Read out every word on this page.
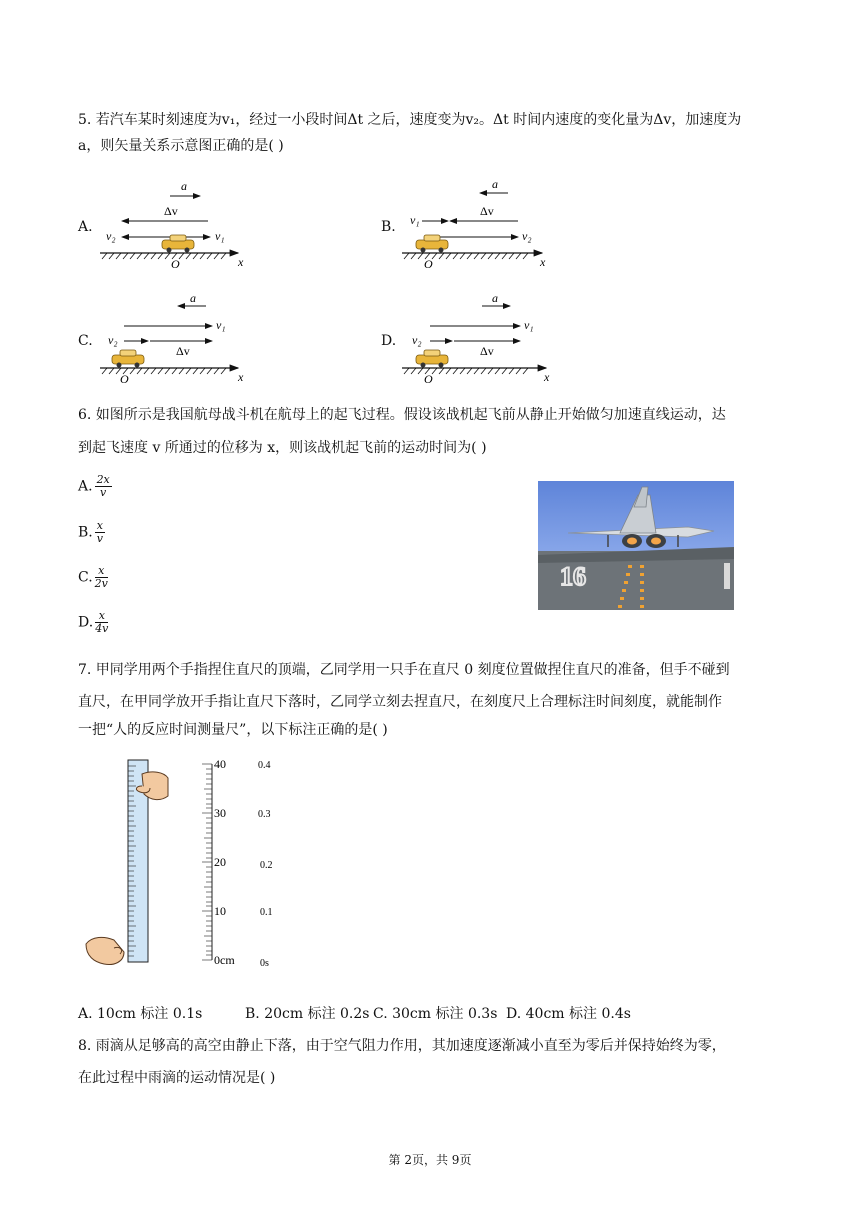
5. 若汽车某时刻速度为v₁，经过一小段时间Δt 之后，速度变为v₂。Δt 时间内速度的变化量为Δv，加速度为
a，则矢量关系示意图正确的是( )
A.
a
Δv
v₂	v₁
O	x
B.
a
Δv
v₁
v₂
O	x
C.
a
v₁
v₂
Δv
O	x
D.
a
v₁
v₂
Δv
O	x
6. 如图所示是我国航母战斗机在航母上的起飞过程。假设该战机起飞前从静止开始做匀加速直线运动，达
到起飞速度 v 所通过的位移为 x，则该战机起飞前的运动时间为( )
A. $\frac{2x}{v}$
B. $\frac{x}{v}$
C. $\frac{x}{2v}$
D. $\frac{x}{4v}$
16
7. 甲同学用两个手指捏住直尺的顶端，乙同学用一只手在直尺 0 刻度位置做捏住直尺的准备，但手不碰到
直尺，在甲同学放开手指让直尺下落时，乙同学立刻去捏直尺，在刻度尺上合理标注时间刻度，就能制作
一把“人的反应时间测量尺”，以下标注正确的是( )
40
30
20
10
0cm
0.4
0.3
0.2
0.1
0s
A. 10cm 标注 0.1s	B. 20cm 标注 0.2s C. 30cm 标注 0.3s D. 40cm 标注 0.4s
8. 雨滴从足够高的高空由静止下落，由于空气阻力作用，其加速度逐渐减小直至为零后并保持始终为零，
在此过程中雨滴的运动情况是( )
第 2页，共 9页
